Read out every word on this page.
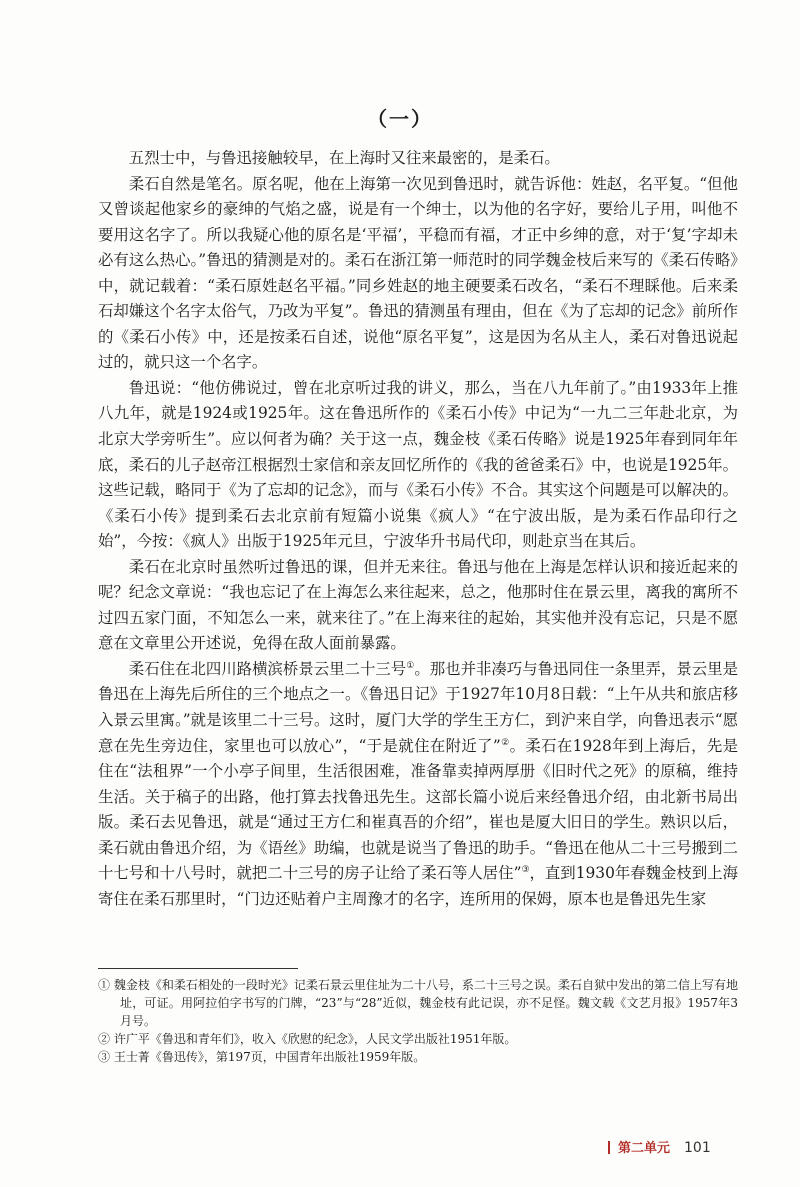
（一）

五烈士中，与鲁迅接触较早，在上海时又往来最密的，是柔石。

柔石自然是笔名。原名呢，他在上海第一次见到鲁迅时，就告诉他：姓赵，名平复。“但他又曾谈起他家乡的豪绅的气焰之盛，说是有一个绅士，以为他的名字好，要给儿子用，叫他不要用这名字了。所以我疑心他的原名是‘平福’，平稳而有福，才正中乡绅的意，对于‘复’字却未必有这么热心。”鲁迅的猜测是对的。柔石在浙江第一师范时的同学魏金枝后来写的《柔石传略》中，就记载着：“柔石原姓赵名平福。”同乡姓赵的地主硬要柔石改名，“柔石不理睬他。后来柔石却嫌这个名字太俗气，乃改为平复”。鲁迅的猜测虽有理由，但在《为了忘却的记念》前所作的《柔石小传》中，还是按柔石自述，说他“原名平复”，这是因为名从主人，柔石对鲁迅说起过的，就只这一个名字。

鲁迅说：“他仿佛说过，曾在北京听过我的讲义，那么，当在八九年前了。”由1933年上推八九年，就是1924或1925年。这在鲁迅所作的《柔石小传》中记为“一九二三年赴北京，为北京大学旁听生”。应以何者为确？关于这一点，魏金枝《柔石传略》说是1925年春到同年年底，柔石的儿子赵帝江根据烈士家信和亲友回忆所作的《我的爸爸柔石》中，也说是1925年。这些记载，略同于《为了忘却的记念》，而与《柔石小传》不合。其实这个问题是可以解决的。《柔石小传》提到柔石去北京前有短篇小说集《疯人》“在宁波出版，是为柔石作品印行之始”，今按：《疯人》出版于1925年元旦，宁波华升书局代印，则赴京当在其后。

柔石在北京时虽然听过鲁迅的课，但并无来往。鲁迅与他在上海是怎样认识和接近起来的呢？纪念文章说：“我也忘记了在上海怎么来往起来，总之，他那时住在景云里，离我的寓所不过四五家门面，不知怎么一来，就来往了。”在上海来往的起始，其实他并没有忘记，只是不愿意在文章里公开述说，免得在敌人面前暴露。

柔石住在北四川路横滨桥景云里二十三号①。那也并非凑巧与鲁迅同住一条里弄，景云里是鲁迅在上海先后所住的三个地点之一。《鲁迅日记》于1927年10月8日载：“上午从共和旅店移入景云里寓。”就是该里二十三号。这时，厦门大学的学生王方仁，到沪来自学，向鲁迅表示“愿意在先生旁边住，家里也可以放心”，“于是就住在附近了”②。柔石在1928年到上海后，先是住在“法租界”一个小亭子间里，生活很困难，准备靠卖掉两厚册《旧时代之死》的原稿，维持生活。关于稿子的出路，他打算去找鲁迅先生。这部长篇小说后来经鲁迅介绍，由北新书局出版。柔石去见鲁迅，就是“通过王方仁和崔真吾的介绍”，崔也是厦大旧日的学生。熟识以后，柔石就由鲁迅介绍，为《语丝》助编，也就是说当了鲁迅的助手。“鲁迅在他从二十三号搬到二十七号和十八号时，就把二十三号的房子让给了柔石等人居住”③，直到1930年春魏金枝到上海寄住在柔石那里时，“门边还贴着户主周豫才的名字，连所用的保姆，原本也是鲁迅先生家

① 魏金枝《和柔石相处的一段时光》记柔石景云里住址为二十八号，系二十三号之误。柔石自狱中发出的第二信上写有地址，可证。用阿拉伯字书写的门牌，“23”与“28”近似，魏金枝有此记误，亦不足怪。魏文载《文艺月报》1957年3月号。

② 许广平《鲁迅和青年们》，收入《欣慰的纪念》，人民文学出版社1951年版。

③ 王士菁《鲁迅传》，第197页，中国青年出版社1959年版。

第二单元 101
